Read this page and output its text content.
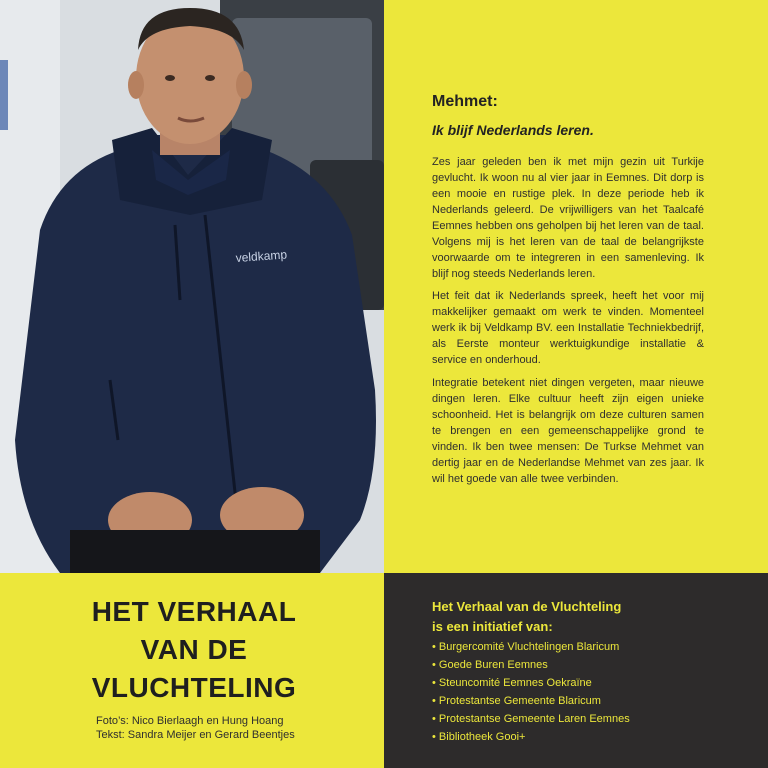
veldkamp
Mehmet:

Ik blijf Nederlands leren.

Zes jaar geleden ben ik met mijn gezin uit Turkije gevlucht. Ik woon nu al vier jaar in Eemnes. Dit dorp is een mooie en rustige plek. In deze periode heb ik Nederlands geleerd. De vrijwilligers van het Taalcafé Eemnes hebben ons geholpen bij het leren van de taal. Volgens mij is het leren van de taal de belangrijkste voorwaarde om te integreren in een samenleving. Ik blijf nog steeds Nederlands leren.

Het feit dat ik Nederlands spreek, heeft het voor mij makkelijker gemaakt om werk te vinden. Momenteel werk ik bij Veldkamp BV. een Installatie Techniekbedrijf, als Eerste monteur werktuigkundige installatie & service en onderhoud.

Integratie betekent niet dingen vergeten, maar nieuwe dingen leren. Elke cultuur heeft zijn eigen unieke schoonheid. Het is belangrijk om deze culturen samen te brengen en een gemeenschappelijke grond te vinden. Ik ben twee mensen: De Turkse Mehmet van dertig jaar en de Nederlandse Mehmet van zes jaar. Ik wil het goede van alle twee verbinden.

HET VERHAAL
VAN DE
VLUCHTELING
Foto’s: Nico Bierlaagh en Hung Hoang
Tekst: Sandra Meijer en Gerard Beentjes
Het Verhaal van de Vluchteling
is een initiatief van:
• Burgercomité Vluchtelingen Blaricum
• Goede Buren Eemnes
• Steuncomité Eemnes Oekraïne
• Protestantse Gemeente Blaricum
• Protestantse Gemeente Laren Eemnes
• Bibliotheek Gooi+
